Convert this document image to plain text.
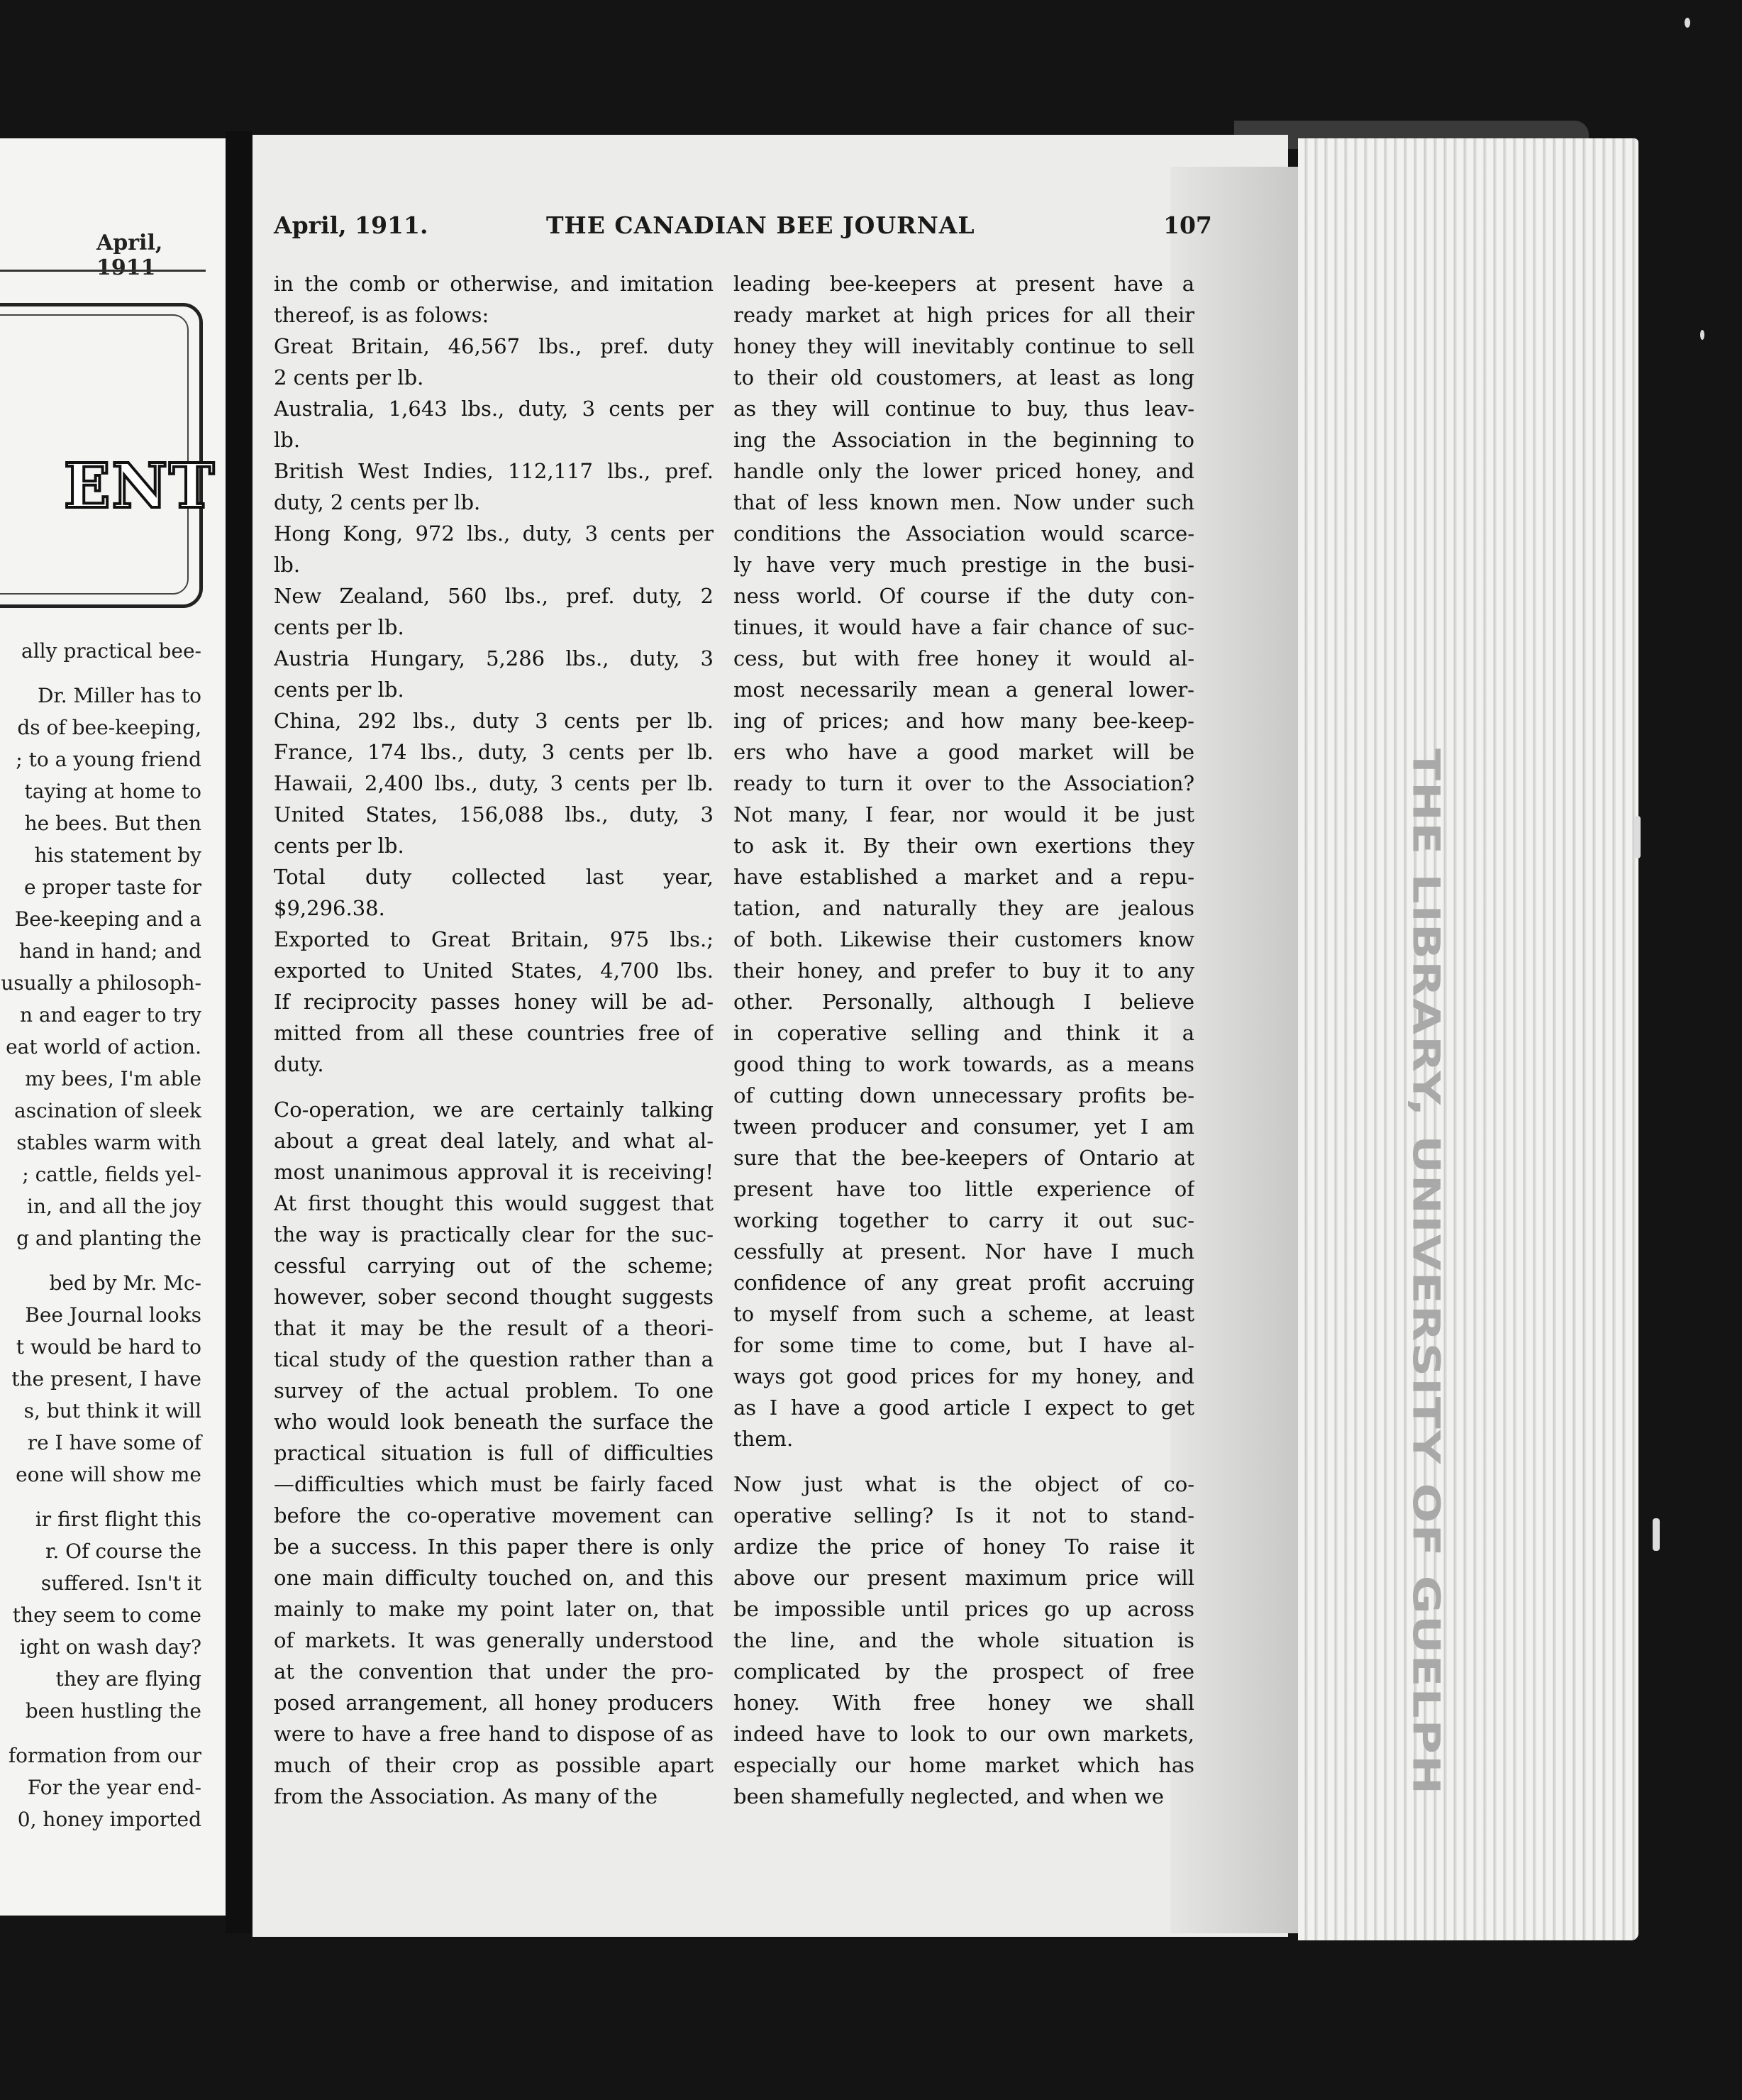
April, 1911
ENT
ally practical bee-
Dr. Miller has to
ds of bee-keeping,
; to a young friend
taying at home to
he bees. But then
his statement by
e proper taste for
Bee-keeping and a
hand in hand; and
usually a philosoph-
n and eager to try
eat world of action.
my bees, I'm able
ascination of sleek
stables warm with
; cattle, fields yel-
in, and all the joy
g and planting the
bed by Mr. Mc-
Bee Journal looks
t would be hard to
the present, I have
s, but think it will
re I have some of
eone will show me
ir first flight this
r. Of course the
suffered. Isn't it
they seem to come
ight on wash day?
they are flying
been hustling the
formation from our
For the year end-
0, honey imported
THE LIBRARY, UNIVERSITY OF GUELPH
April, 1911.	THE CANADIAN BEE JOURNAL	107
in the comb or otherwise, and imitation
thereof, is as folows:
Great Britain, 46,567 lbs., pref. duty
2 cents per lb.
Australia, 1,643 lbs., duty, 3 cents per
lb.
British West Indies, 112,117 lbs., pref.
duty, 2 cents per lb.
Hong Kong, 972 lbs., duty, 3 cents per
lb.
New Zealand, 560 lbs., pref. duty, 2
cents per lb.
Austria Hungary, 5,286 lbs., duty, 3
cents per lb.
China, 292 lbs., duty 3 cents per lb.
France, 174 lbs., duty, 3 cents per lb.
Hawaii, 2,400 lbs., duty, 3 cents per lb.
United States, 156,088 lbs., duty, 3
cents per lb.
Total duty collected last year,
$9,296.38.
Exported to Great Britain, 975 lbs.;
exported to United States, 4,700 lbs.
If reciprocity passes honey will be ad-
mitted from all these countries free of
duty.
Co-operation, we are certainly talking
about a great deal lately, and what al-
most unanimous approval it is receiving!
At first thought this would suggest that
the way is practically clear for the suc-
cessful carrying out of the scheme;
however, sober second thought suggests
that it may be the result of a theori-
tical study of the question rather than a
survey of the actual problem. To one
who would look beneath the surface the
practical situation is full of difficulties
—difficulties which must be fairly faced
before the co-operative movement can
be a success. In this paper there is only
one main difficulty touched on, and this
mainly to make my point later on, that
of markets. It was generally understood
at the convention that under the pro-
posed arrangement, all honey producers
were to have a free hand to dispose of as
much of their crop as possible apart
from the Association. As many of the
leading bee-keepers at present have a
ready market at high prices for all their
honey they will inevitably continue to sell
to their old coustomers, at least as long
as they will continue to buy, thus leav-
ing the Association in the beginning to
handle only the lower priced honey, and
that of less known men. Now under such
conditions the Association would scarce-
ly have very much prestige in the busi-
ness world. Of course if the duty con-
tinues, it would have a fair chance of suc-
cess, but with free honey it would al-
most necessarily mean a general lower-
ing of prices; and how many bee-keep-
ers who have a good market will be
ready to turn it over to the Association?
Not many, I fear, nor would it be just
to ask it. By their own exertions they
have established a market and a repu-
tation, and naturally they are jealous
of both. Likewise their customers know
their honey, and prefer to buy it to any
other. Personally, although I believe
in coperative selling and think it a
good thing to work towards, as a means
of cutting down unnecessary profits be-
tween producer and consumer, yet I am
sure that the bee-keepers of Ontario at
present have too little experience of
working together to carry it out suc-
cessfully at present. Nor have I much
confidence of any great profit accruing
to myself from such a scheme, at least
for some time to come, but I have al-
ways got good prices for my honey, and
as I have a good article I expect to get
them.
Now just what is the object of co-
operative selling? Is it not to stand-
ardize the price of honey To raise it
above our present maximum price will
be impossible until prices go up across
the line, and the whole situation is
complicated by the prospect of free
honey. With free honey we shall
indeed have to look to our own markets,
especially our home market which has
been shamefully neglected, and when we
